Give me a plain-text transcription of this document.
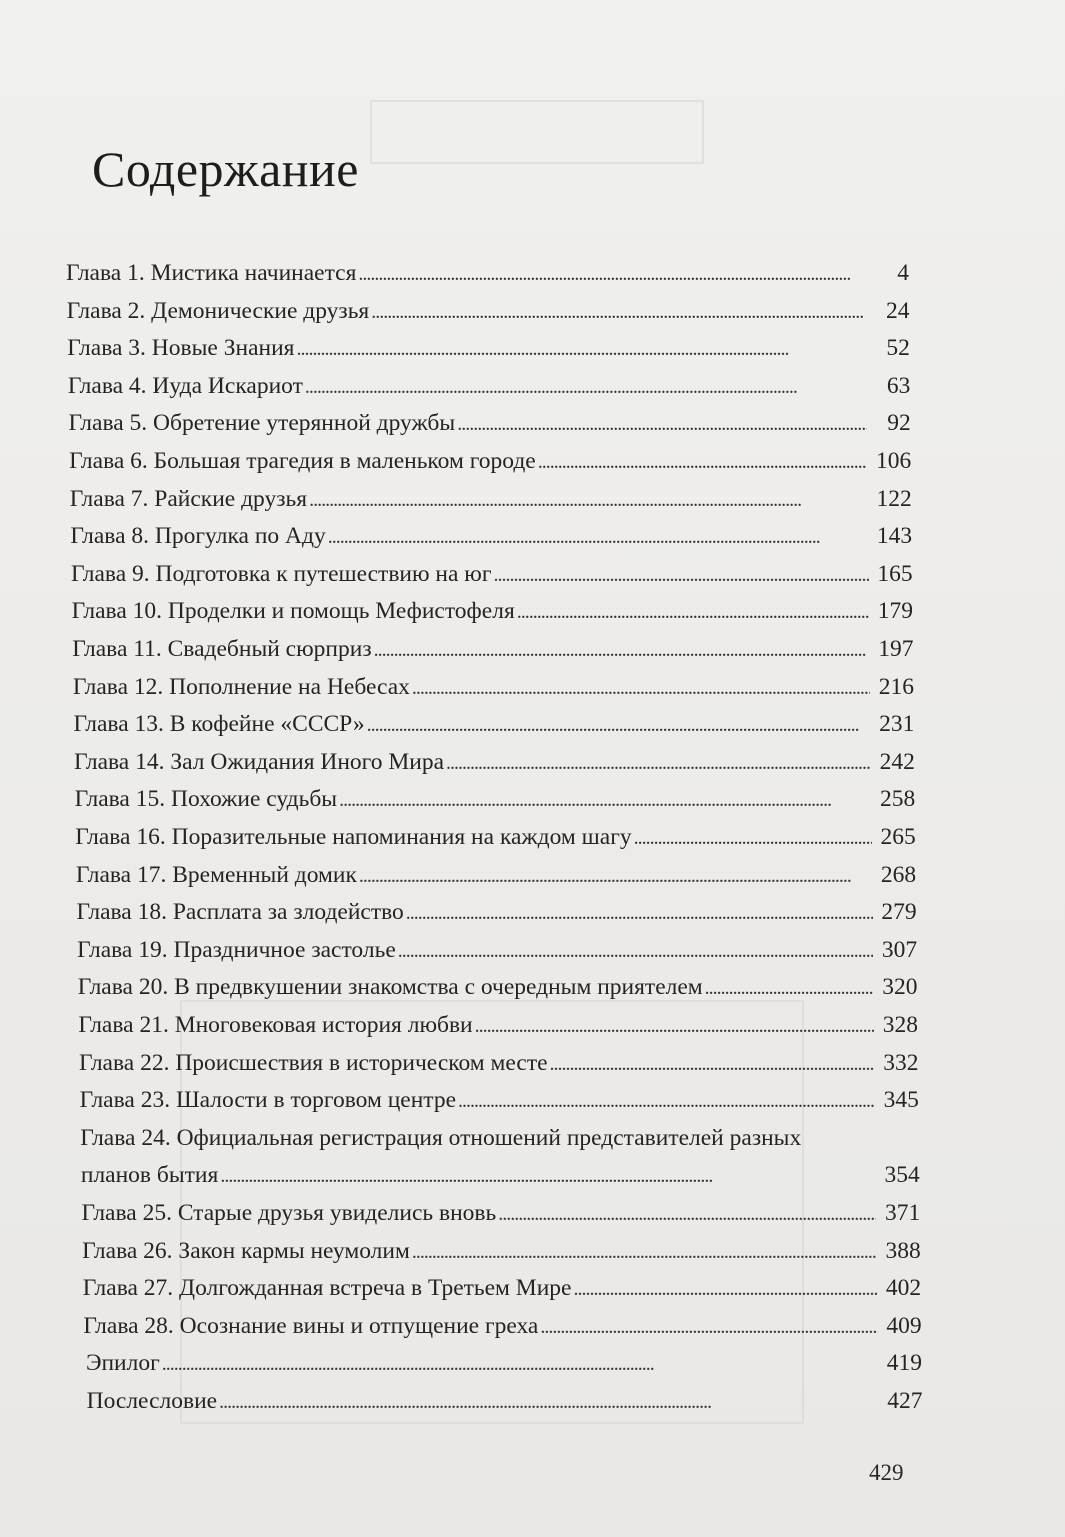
Содержание
Глава 1. Мистика начинается . . .	4
Глава 2. Демонические друзья . . .	24
Глава 3. Новые Знания . . .	52
Глава 4. Иуда Искариот . . .	63
Глава 5. Обретение утерянной дружбы . . .	92
Глава 6. Большая трагедия в маленьком городе . . .	106
Глава 7. Райские друзья . . .	122
Глава 8. Прогулка по Аду . . .	143
Глава 9. Подготовка к путешествию на юг . . .	165
Глава 10. Проделки и помощь Мефистофеля . . .	179
Глава 11. Свадебный сюрприз . . .	197
Глава 12. Пополнение на Небесах . . .	216
Глава 13. В кофейне «СССР» . . .	231
Глава 14. Зал Ожидания Иного Мира . . .	242
Глава 15. Похожие судьбы . . .	258
Глава 16. Поразительные напоминания на каждом шагу . . .	265
Глава 17. Временный домик . . .	268
Глава 18. Расплата за злодейство . . .	279
Глава 19. Праздничное застолье . . .	307
Глава 20. В предвкушении знакомства с очередным приятелем . . .	320
Глава 21. Многовековая история любви . . .	328
Глава 22. Происшествия в историческом месте . . .	332
Глава 23. Шалости в торговом центре . . .	345
Глава 24. Официальная регистрация отношений представителей разных
планов бытия . . .	354
Глава 25. Старые друзья увиделись вновь . . .	371
Глава 26. Закон кармы неумолим . . .	388
Глава 27. Долгожданная встреча в Третьем Мире . . .	402
Глава 28. Осознание вины и отпущение греха . . .	409
Эпилог . . .	419
Послесловие . . .	427
429
